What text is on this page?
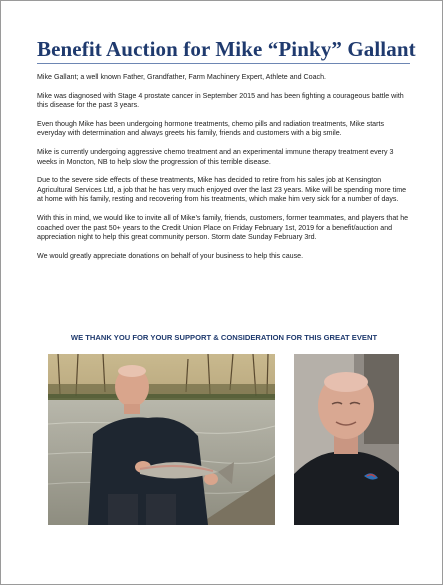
Benefit Auction for Mike “Pinky” Gallant

Mike Gallant; a well known Father, Grandfather, Farm Machinery Expert, Athlete and Coach.

Mike was diagnosed with Stage 4 prostate cancer in September 2015 and has been fighting a courageous battle with this disease for the past 3 years.

Even though Mike has been undergoing hormone treatments, chemo pills and radiation treatments, Mike starts everyday with determination and always greets his family, friends and customers with a big smile.

Mike is currently undergoing aggressive chemo treatment and an experimental immune therapy treatment every 3 weeks in Moncton, NB to help slow the progression of this terrible disease.

Due to the severe side effects of these treatments, Mike has decided to retire from his sales job at Kensington Agricultural Services Ltd, a job that he has very much enjoyed over the last 23 years. Mike will be spending more time at home with his family, resting and recovering from his treatments, which make him very sick for a number of days.

With this in mind, we would like to invite all of Mike’s family, friends, customers, former teammates, and players that he coached over the past 50+ years to the Credit Union Place on Friday February 1st, 2019 for a benefit/auction and appreciation night to help this great community person. Storm date Sunday February 3rd.

We would greatly appreciate donations on behalf of your business to help this cause.

WE THANK YOU FOR YOUR SUPPORT & CONSIDERATION FOR THIS GREAT EVENT
